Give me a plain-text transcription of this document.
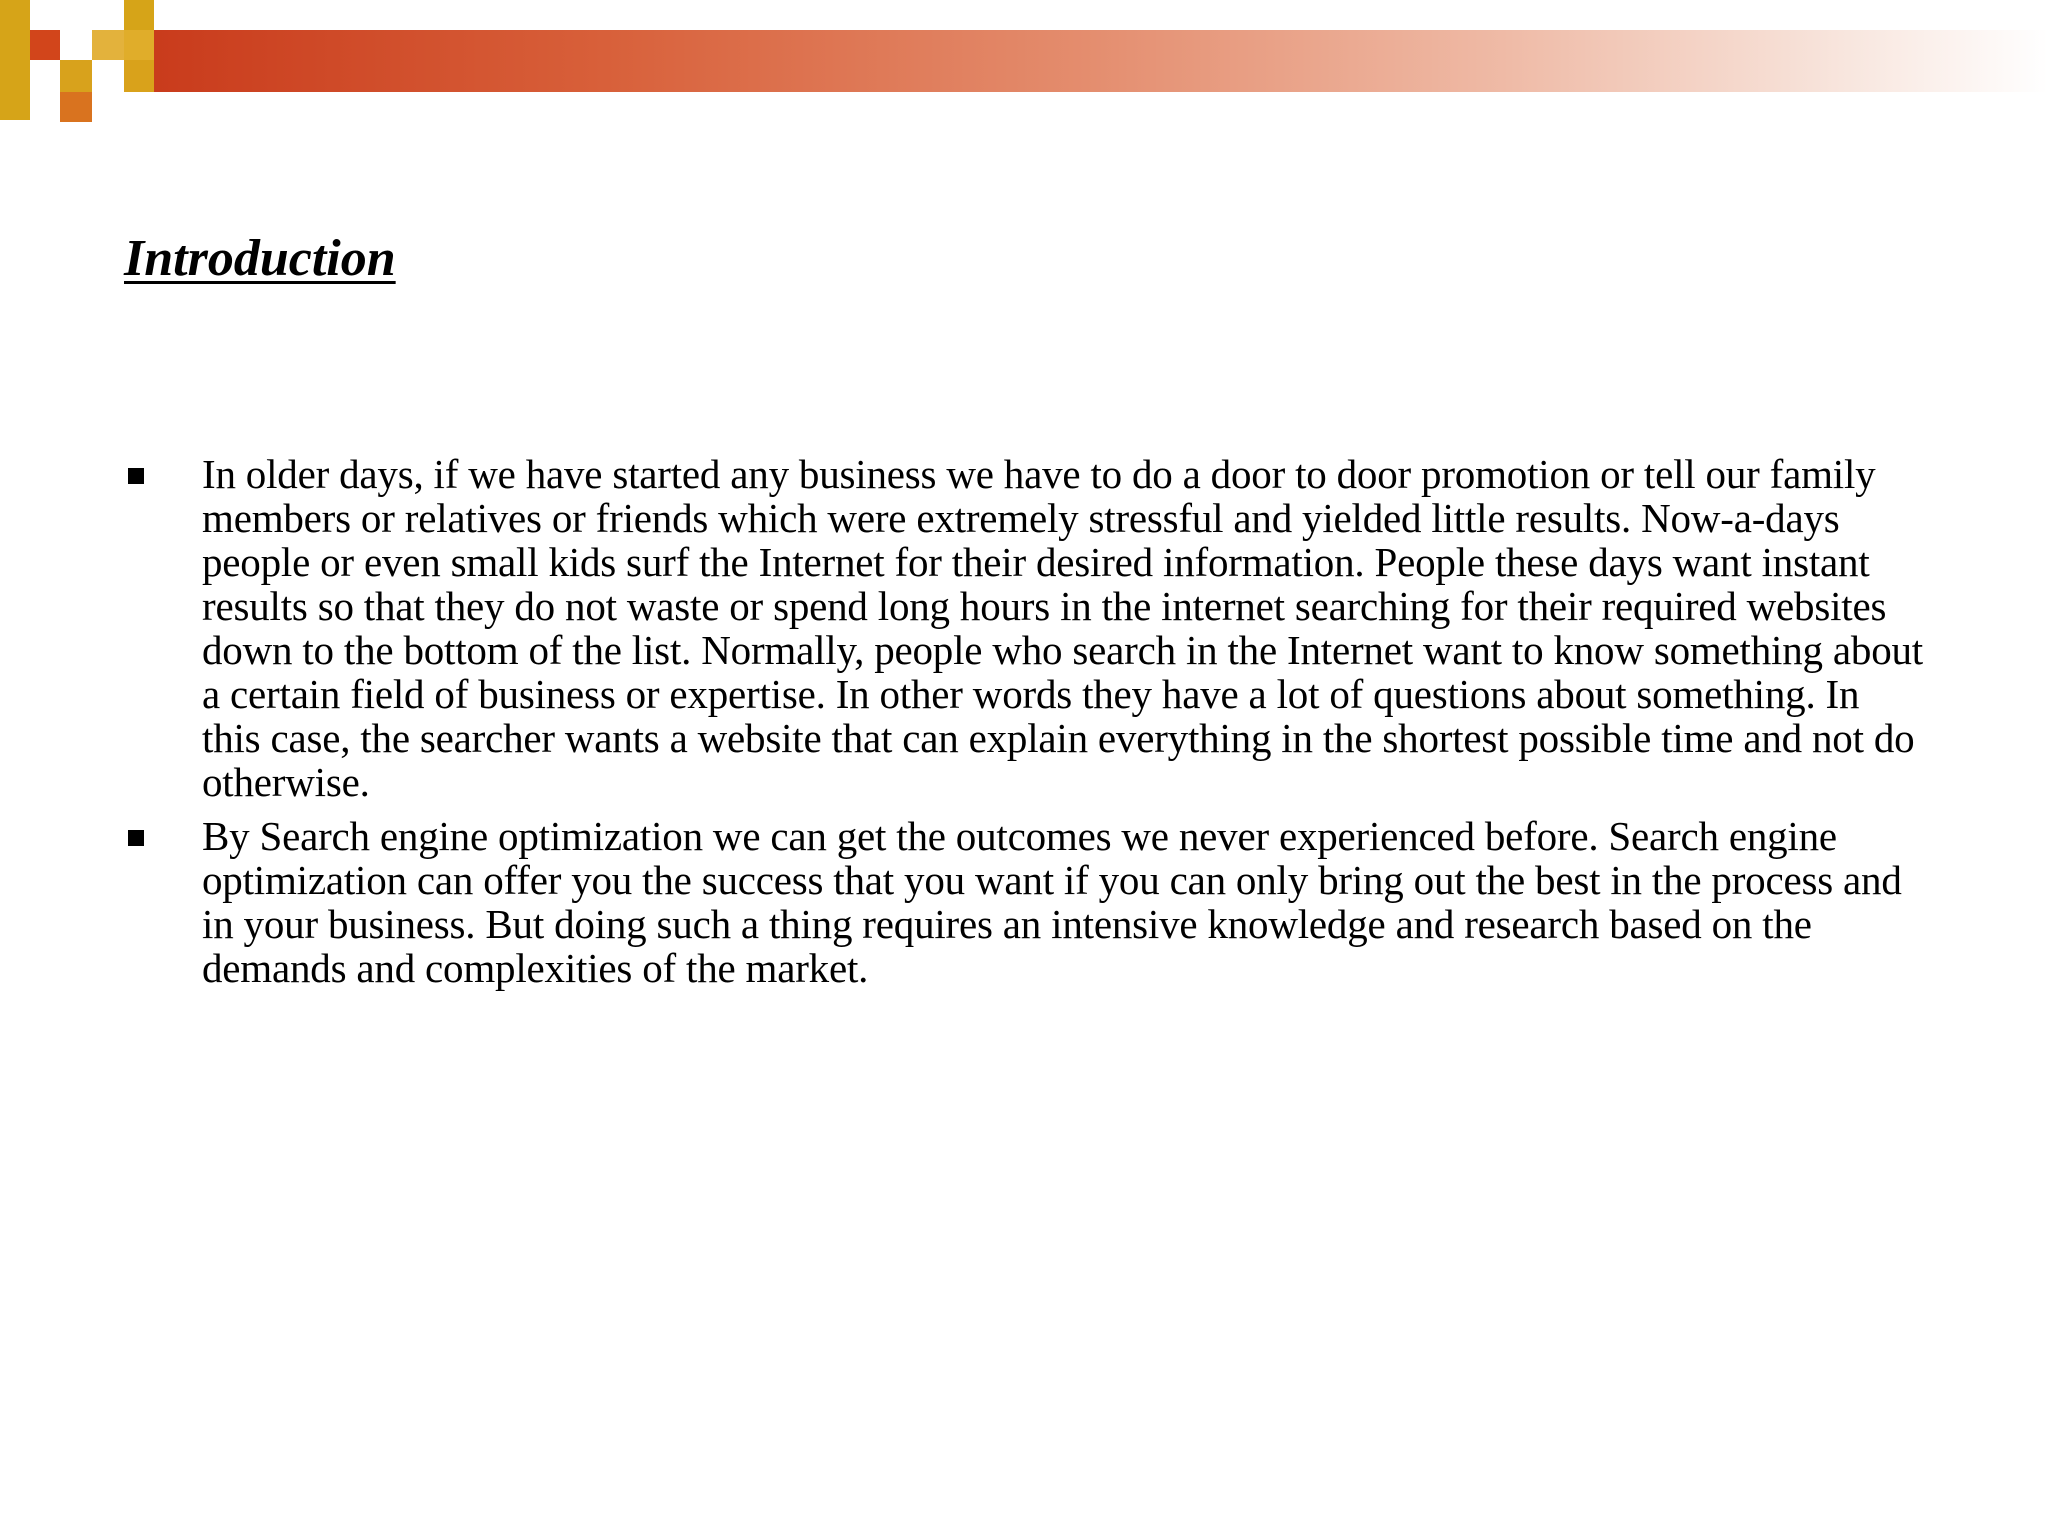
Introduction
In older days, if we have started any business we have to do a door to door promotion or tell our family members or relatives or friends which were extremely stressful and yielded little results. Now-a-days people or even small kids surf the Internet for their desired information. People these days want instant results so that they do not waste or spend long hours in the internet searching for their required websites down to the bottom of the list. Normally, people who search in the Internet want to know something about a certain field of business or expertise. In other words they have a lot of questions about something. In this case, the searcher wants a website that can explain everything in the shortest possible time and not do otherwise.
By Search engine optimization we can get the outcomes we never experienced before. Search engine optimization can offer you the success that you want if you can only bring out the best in the process and in your business. But doing such a thing requires an intensive knowledge and research based on the demands and complexities of the market.
